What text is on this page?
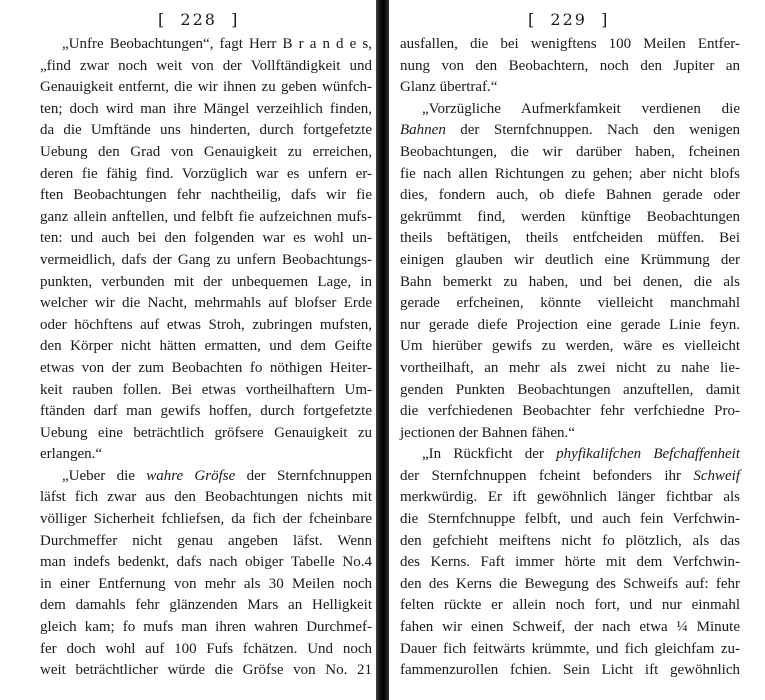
[  228  ]
„Unfre Beobachtungen“, fagt Herr B r a n d e s,
„find zwar noch weit von der Vollftändigkeit und
Genauigkeit entfernt, die wir ihnen zu geben wünfch-
ten; doch wird man ihre Mängel verzeihlich finden,
da die Umftände uns hinderten, durch fortgefetzte
Uebung den Grad von Genauigkeit zu erreichen,
deren fie fähig find. Vorzüglich war es unfern er-
ften Beobachtungen fehr nachtheilig, dafs wir fie
ganz allein anftellen, und felbft fie aufzeichnen mufs-
ten: und auch bei den folgenden war es wohl un-
vermeidlich, dafs der Gang zu unfern Beobachtungs-
punkten, verbunden mit der unbequemen Lage, in
welcher wir die Nacht, mehrmahls auf blofser Erde
oder höchftens auf etwas Stroh, zubringen mufsten,
den Körper nicht hätten ermatten, und dem Geifte
etwas von der zum Beobachten fo nöthigen Heiter-
keit rauben follen. Bei etwas vortheilhaftern Um-
ftänden darf man gewifs hoffen, durch fortgefetzte
Uebung eine beträchtlich gröfsere Genauigkeit zu
erlangen.“
„Ueber die wahre Gröfse der Sternfchnuppen
läfst fich zwar aus den Beobachtungen nichts mit
völliger Sicherheit fchliefsen, da fich der fcheinbare
Durchmeffer nicht genau angeben läfst. Wenn
man indefs bedenkt, dafs nach obiger Tabelle No.4
in einer Entfernung von mehr als 30 Meilen noch
dem damahls fehr glänzenden Mars an Helligkeit
gleich kam; fo mufs man ihren wahren Durchmef-
fer doch wohl auf 100 Fufs fchätzen. Und noch
weit beträchtlicher würde die Gröfse von No. 21
[  229  ]
ausfallen, die bei wenigftens 100 Meilen Entfer-
nung von den Beobachtern, noch den Jupiter an
Glanz übertraf.“
„Vorzügliche Aufmerkfamkeit verdienen die
Bahnen der Sternfchnuppen. Nach den wenigen
Beobachtungen, die wir darüber haben, fcheinen
fie nach allen Richtungen zu gehen; aber nicht blofs
dies, fondern auch, ob diefe Bahnen gerade oder
gekrümmt find, werden künftige Beobachtungen
theils beftätigen, theils entfcheiden müffen. Bei
einigen glauben wir deutlich eine Krümmung der
Bahn bemerkt zu haben, und bei denen, die als
gerade erfcheinen, könnte vielleicht manchmahl
nur gerade diefe Projection eine gerade Linie feyn.
Um hierüber gewifs zu werden, wäre es vielleicht
vortheilhaft, an mehr als zwei nicht zu nahe lie-
genden Punkten Beobachtungen anzuftellen, damit
die verfchiedenen Beobachter fehr verfchiedne Pro-
jectionen der Bahnen fähen.“
„In Rückficht der phyfikalifchen Befchaffenheit
der Sternfchnuppen fcheint befonders ihr Schweif
merkwürdig. Er ift gewöhnlich länger fichtbar als
die Sternfchnuppe felbft, und auch fein Verfchwin-
den gefchieht meiftens nicht fo plötzlich, als das
des Kerns. Faft immer hörte mit dem Verfchwin-
den des Kerns die Bewegung des Schweifs auf: fehr
felten rückte er allein noch fort, und nur einmahl
fahen wir einen Schweif, der nach etwa ¼ Minute
Dauer fich feitwärts krümmte, und fich gleichfam zu-
fammenzurollen fchien. Sein Licht ift gewöhnlich
